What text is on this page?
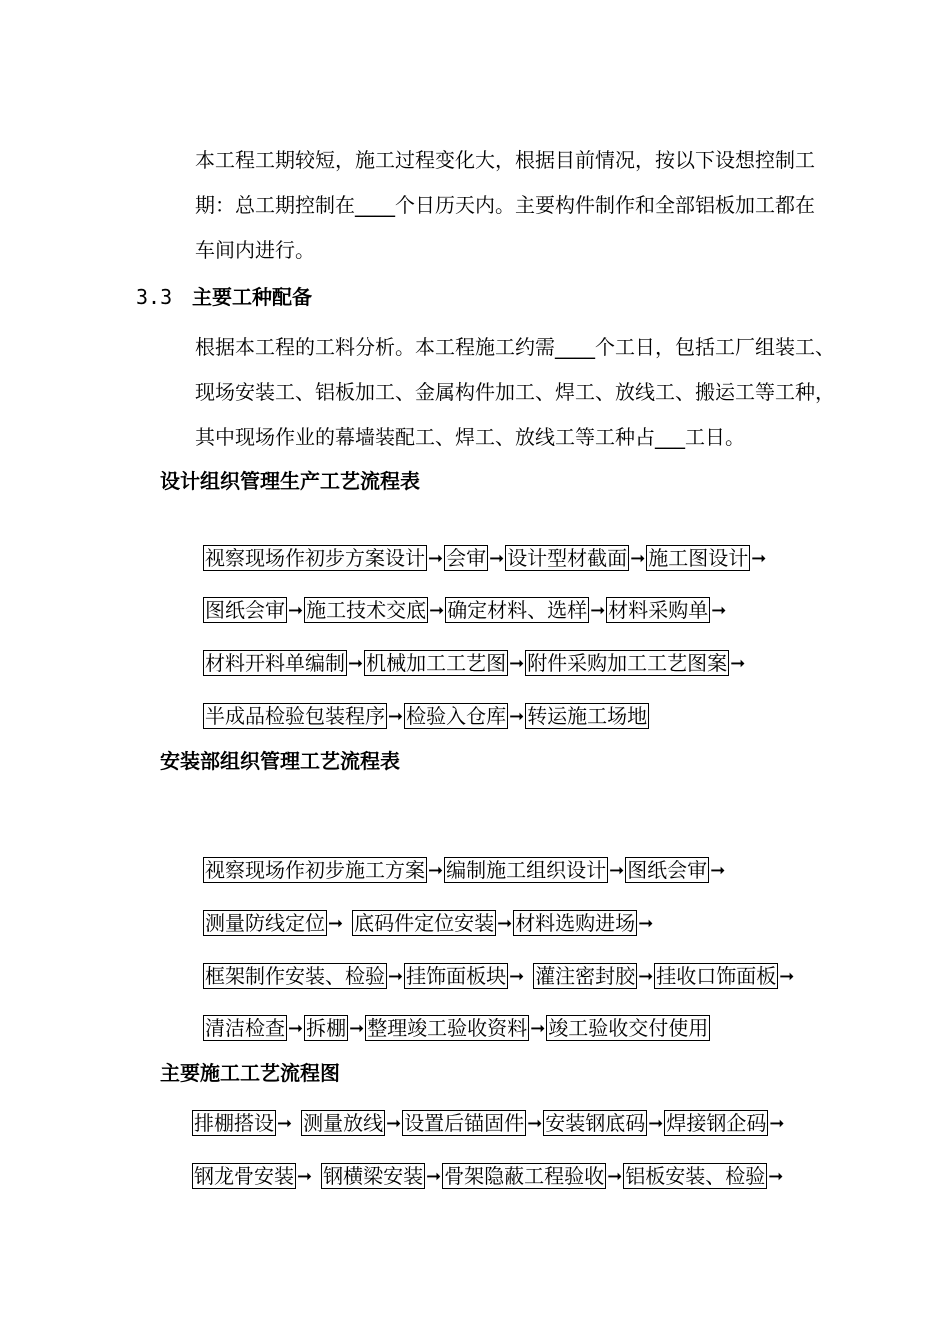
本工程工期较短，施工过程变化大，根据目前情况，按以下设想控制工
期：总工期控制在____个日历天内。主要构件制作和全部铝板加工都在
车间内进行。

3.3 主要工种配备

根据本工程的工料分析。本工程施工约需____个工日，包括工厂组装工、
现场安装工、铝板加工、金属构件加工、焊工、放线工、搬运工等工种，
其中现场作业的幕墙装配工、焊工、放线工等工种占___工日。

设计组织管理生产工艺流程表
视察现场作初步方案设计 ➞ 会审 ➞ 设计型材截面 ➞ 施工图设计 ➞
图纸会审 ➞ 施工技术交底 ➞ 确定材料、选样 ➞ 材料采购单 ➞
材料开料单编制 ➞ 机械加工工艺图 ➞ 附件采购加工工艺图案 ➞
半成品检验包装程序 ➞ 检验入仓库 ➞ 转运施工场地
安装部组织管理工艺流程表
视察现场作初步施工方案 ➞ 编制施工组织设计 ➞ 图纸会审 ➞
测量防线定位 ➞ 底码件定位安装 ➞ 材料选购进场 ➞
框架制作安装、检验 ➞ 挂饰面板块 ➞ 灌注密封胶 ➞ 挂收口饰面板 ➞
清洁检查 ➞ 拆棚 ➞ 整理竣工验收资料 ➞ 竣工验收交付使用
主要施工工艺流程图
排棚搭设 ➞ 测量放线 ➞ 设置后锚固件 ➞ 安装钢底码 ➞ 焊接钢企码 ➞
钢龙骨安装 ➞ 钢横梁安装 ➞ 骨架隐蔽工程验收 ➞ 铝板安装、检验 ➞
